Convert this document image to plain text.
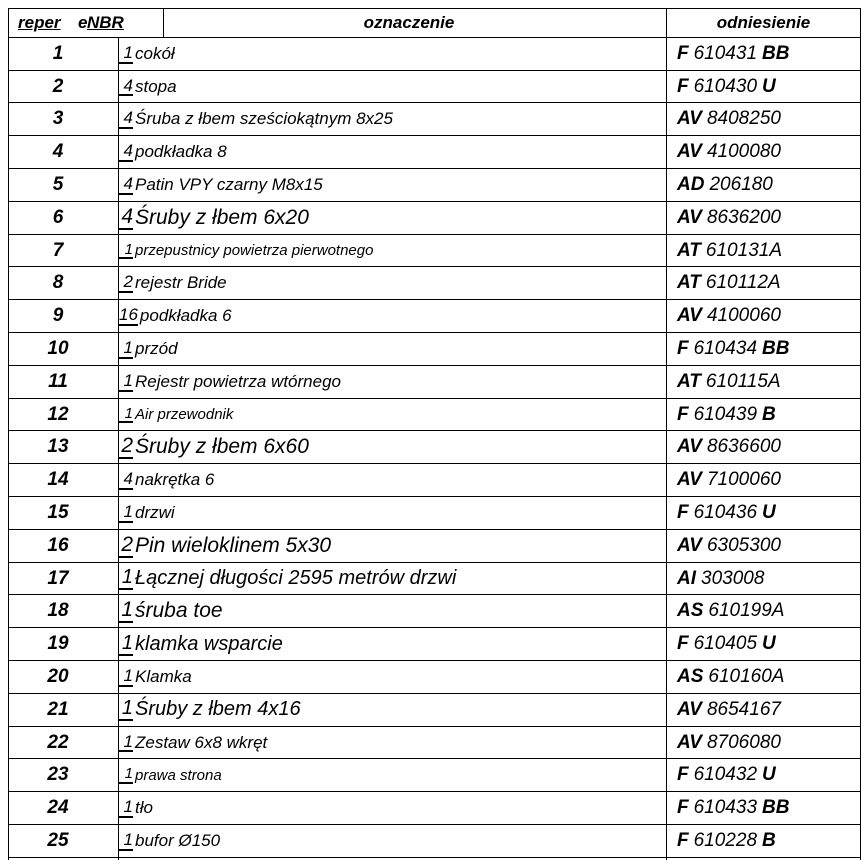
reper e NBR	oznaczenie	odniesienie
1	1 cokół	F 610431 BB
2	4 stopa	F 610430 U
3	4 Śruba z łbem sześciokątnym 8x25	AV 8408250
4	4 podkładka 8	AV 4100080
5	4 Patin VPY czarny M8x15	AD 206180
6	4 Śruby z łbem 6x20	AV 8636200
7	1 przepustnicy powietrza pierwotnego	AT 610131A
8	2 rejestr Bride	AT 610112A
9	16 podkładka 6	AV 4100060
10	1 przód	F 610434 BB
11	1 Rejestr powietrza wtórnego	AT 610115A
12	1 Air przewodnik	F 610439 B
13	2 Śruby z łbem 6x60	AV 8636600
14	4 nakrętka 6	AV 7100060
15	1 drzwi	F 610436 U
16	2 Pin wieloklinem 5x30	AV 6305300
17	1 Łącznej długości 2595 metrów drzwi	AI 303008
18	1 śruba toe	AS 610199A
19	1 klamka wsparcie	F 610405 U
20	1 Klamka	AS 610160A
21	1 Śruby z łbem 4x16	AV 8654167
22	1 Zestaw 6x8 wkręt	AV 8706080
23	1 prawa strona	F 610432 U
24	1 tło	F 610433 BB
25	1 bufor Ø150	F 610228 B
